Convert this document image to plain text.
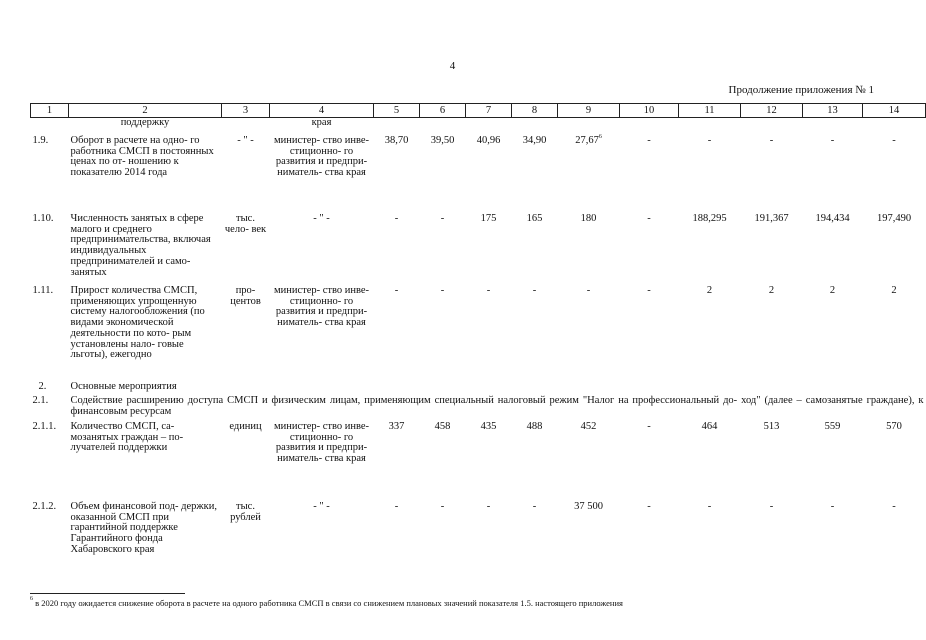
4
Продолжение приложения № 1
1	2	3	4	5	6	7	8	9	10	11	12	13	14
	поддержку		края										
1.9.	Оборот в расчете на одно- го работника СМСП в постоянных ценах по от- ношению к показателю 2014 года	- " -	министер- ство инве- стиционно- го развития и предпри- ниматель- ства края	38,70	39,50	40,96	34,90	27,67$^6$	-	-	-	-	-
1.10.	Численность занятых в сфере малого и среднего предпринимательства, включая индивидуальных предпринимателей и само- занятых	тыс. чело- век	- " -	-	-	175	165	180	-	188,295	191,367	194,434	197,490
1.11.	Прирост количества СМСП, применяющих упрощенную систему налогообложения (по видами экономической деятельности по кото- рым установлены нало- говые льготы), ежегодно	про- центов	министер- ство инве- стиционно- го развития и предпри- ниматель- ства края	-	-	-	-	-	-	2	2	2	2
2.	Основные мероприятия												
2.1.	Содействие расширению доступа СМСП и физическим лицам, применяющим специальный налоговый режим "Налог на профессиональный до- ход" (далее – самозанятые граждане), к финансовым ресурсам												
2.1.1.	Количество СМСП, са- мозанятых граждан – по- лучателей поддержки	единиц	министер- ство инве- стиционно- го развития и предпри- ниматель- ства края	337	458	435	488	452	-	464	513	559	570
2.1.2.	Объем финансовой под- держки, оказанной СМСП при гарантийной поддержке Гарантийного фонда Хабаровского края	тыс. рублей	- " -	-	-	-	-	37 500	-	-	-	-	-
$^6$ в 2020 году ожидается снижение оборота в расчете на одного работника СМСП в связи со снижением плановых значений показателя 1.5. настоящего приложения
